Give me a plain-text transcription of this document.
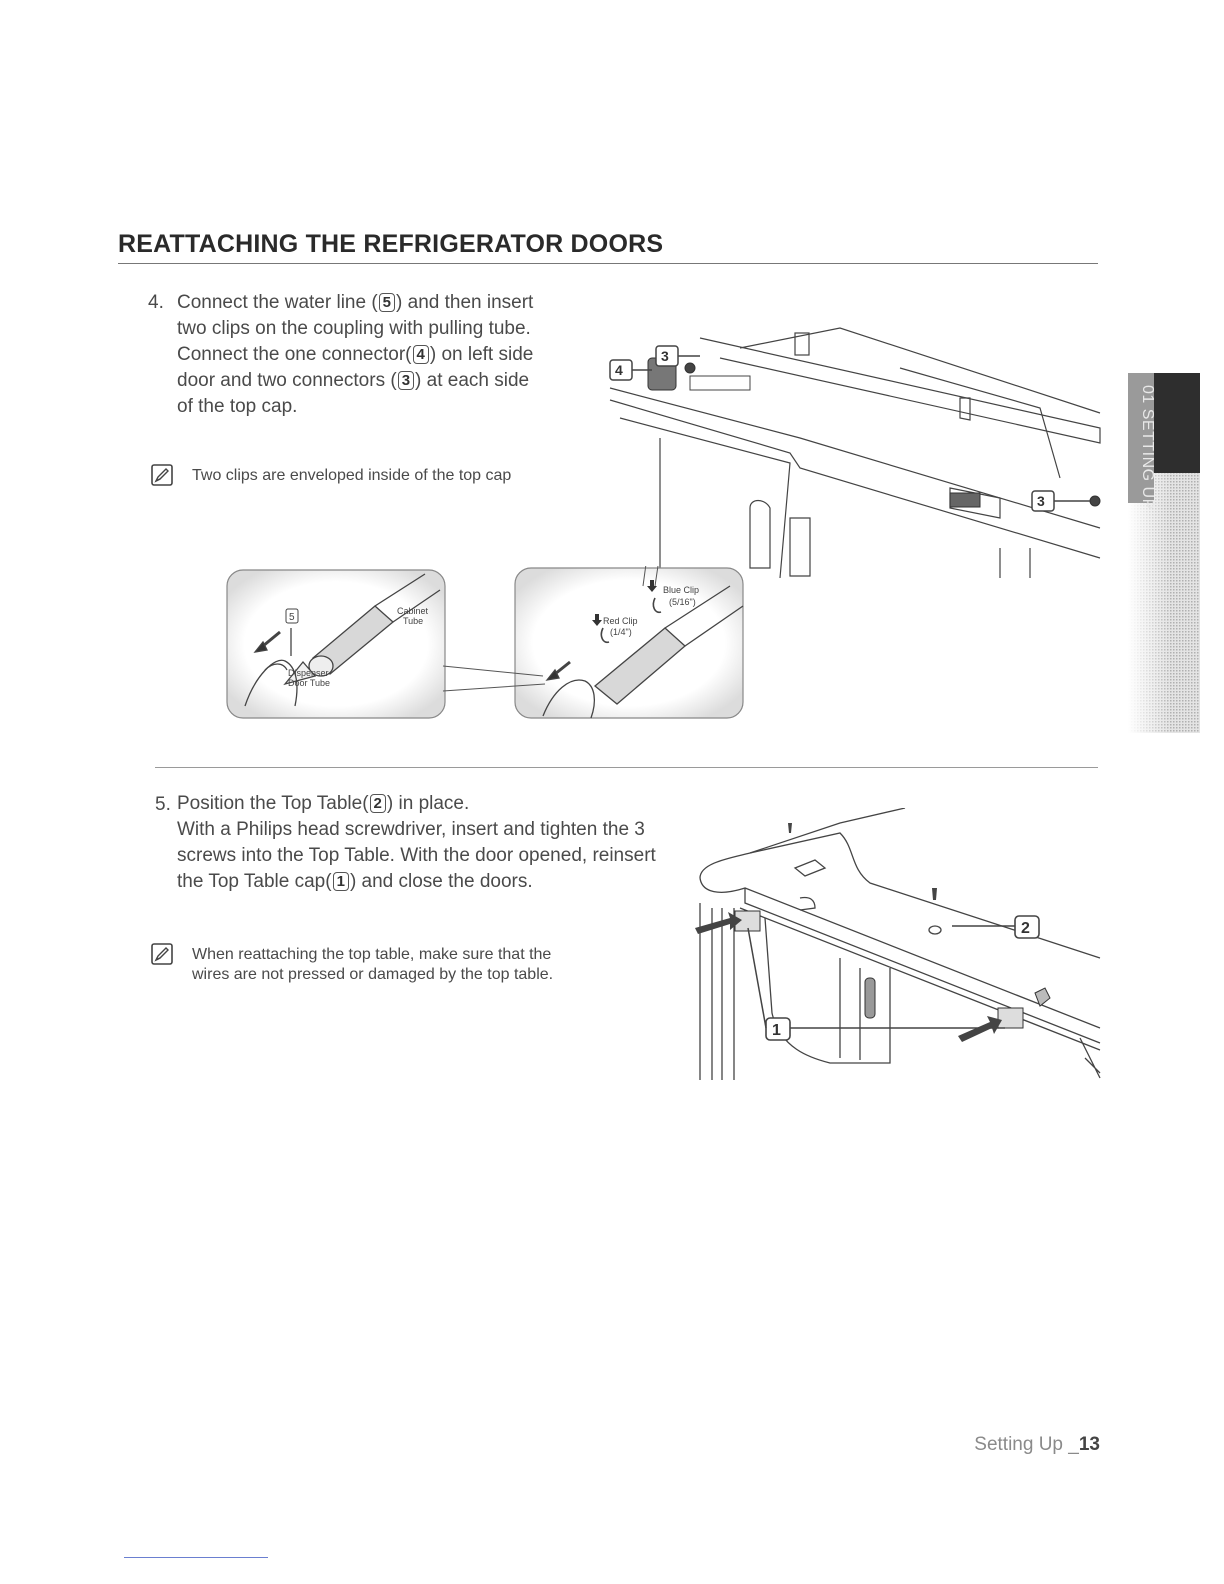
REATTACHING THE REFRIGERATOR DOORS
01 SETTING UP
4. Connect the water line ( 5 ) and then insert
two clips on the coupling with pulling tube.
Connect the one connector( 4 ) on left side
door and two connectors ( 3 ) at each side
of the top cap.
Two clips are enveloped inside of the top cap
3
4
3
5
Cabinet
Tube
Dispenser
Door Tube
Blue Clip
(5/16")
Red Clip
(1/4")
5. Position the Top Table( 2 ) in place.
With a Philips head screwdriver, insert and tighten the 3
screws into the Top Table. With the door opened, reinsert
the Top Table cap( 1 ) and close the doors.
When reattaching the top table, make sure that the
wires are not pressed or damaged by the top table.
2
1
Setting Up _13
